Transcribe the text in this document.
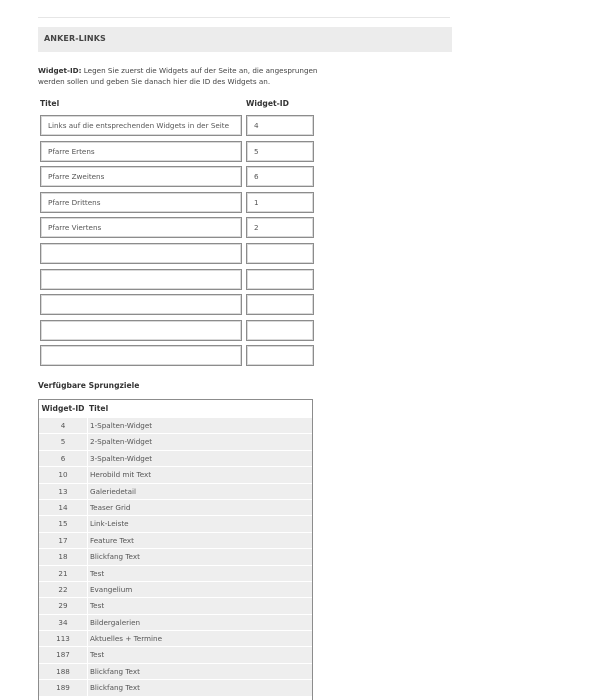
ANKER-LINKS
Widget-ID: Legen Sie zuerst die Widgets auf der Seite an, die angesprungen werden sollen und geben Sie danach hier die ID des Widgets an.
Titel	Widget-ID
Links auf die entsprechenden Widgets in der Seite	4
Pfarre Ertens	5
Pfarre Zweitens	6
Pfarre Drittens	1
Pfarre Viertens	2
Verfügbare Sprungziele
Widget-ID Titel
4	1-Spalten-Widget
5	2-Spalten-Widget
6	3-Spalten-Widget
10	Herobild mit Text
13	Galeriedetail
14	Teaser Grid
15	Link-Leiste
17	Feature Text
18	Blickfang Text
21	Test
22	Evangelium
29	Test
34	Bildergalerien
113	Aktuelles + Termine
187	Test
188	Blickfang Text
189	Blickfang Text
